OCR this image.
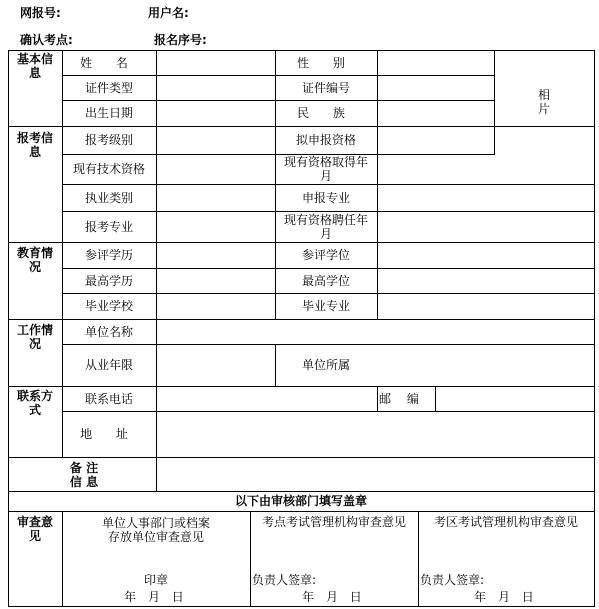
网报号:	用户名:
确认考点:	报名序号:
基本信
息
报考信
息
教育情
况
工作情
况
联系方
式
备 注
信 息
审查意
见
相
片
姓 名
证件类型
出生日期
报考级别
现有技术资格
执业类别
报考专业
参评学历
最高学历
毕业学校
单位名称
从业年限
联系电话
地 址
性 别
证件编号
民 族
拟申报资格
现有资格取得年
月
申报专业
现有资格聘任年
月
参评学位
最高学位
毕业专业
单位所属
邮 编
以下由审核部门填写盖章
单位人事部门或档案
存放单位审查意见
印章
年 月 日
考点考试管理机构审查意见
负责人签章:
年 月 日
考区考试管理机构审查意见
负责人签章:
年 月 日
